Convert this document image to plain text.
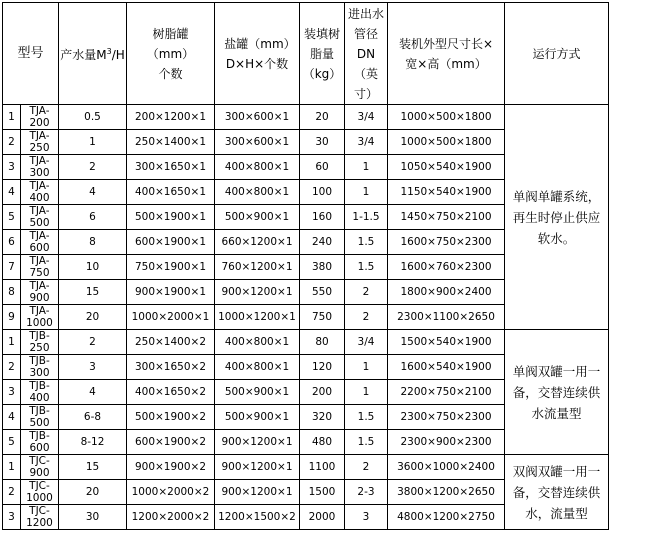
型号		产水量$M^3/H$	树脂罐（mm）个数	盐罐（mm）D×H×个数	装填树脂量（kg）	进出水管径DN（英寸）	装机外型尺寸长×宽×高（mm）	运行方式
1	TJA-200	0.5	200×1200×1	300×600×1	20	3/4	1000×500×1800	单阀单罐系统，再生时停止供应软水。
2	TJA-250	1	250×1400×1	300×600×1	30	3/4	1000×500×1800	
3	TJA-300	2	300×1650×1	400×800×1	60	1	1050×540×1900	
4	TJA-400	4	400×1650×1	400×800×1	100	1	1150×540×1900	
5	TJA-500	6	500×1900×1	500×900×1	160	1-1.5	1450×750×2100	
6	TJA-600	8	600×1900×1	660×1200×1	240	1.5	1600×750×2300	
7	TJA-750	10	750×1900×1	760×1200×1	380	1.5	1600×760×2300	
8	TJA-900	15	900×1900×1	900×1200×1	550	2	1800×900×2400	
9	TJA-1000	20	1000×2000×1	1000×1200×1	750	2	2300×1100×2650	
1	TJB-250	2	250×1400×2	400×800×1	80	3/4	1500×540×1900	单阀双罐一用一备，交替连续供水流量型
2	TJB-300	3	300×1650×2	400×800×1	120	1	1600×540×1900	
3	TJB-400	4	400×1650×2	500×900×1	200	1	2200×750×2100	
4	TJB-500	6-8	500×1900×2	500×900×1	320	1.5	2300×750×2300	
5	TJB-600	8-12	600×1900×2	900×1200×1	480	1.5	2300×900×2300	
1	TJC-900	15	900×1900×2	900×1200×1	1100	2	3600×1000×2400	双阀双罐一用一备，交替连续供水，流量型
2	TJC-1000	20	1000×2000×2	900×1200×1	1500	2-3	3800×1200×2650	
3	TJC-1200	30	1200×2000×2	1200×1500×2	2000	3	4800×1200×2750	
